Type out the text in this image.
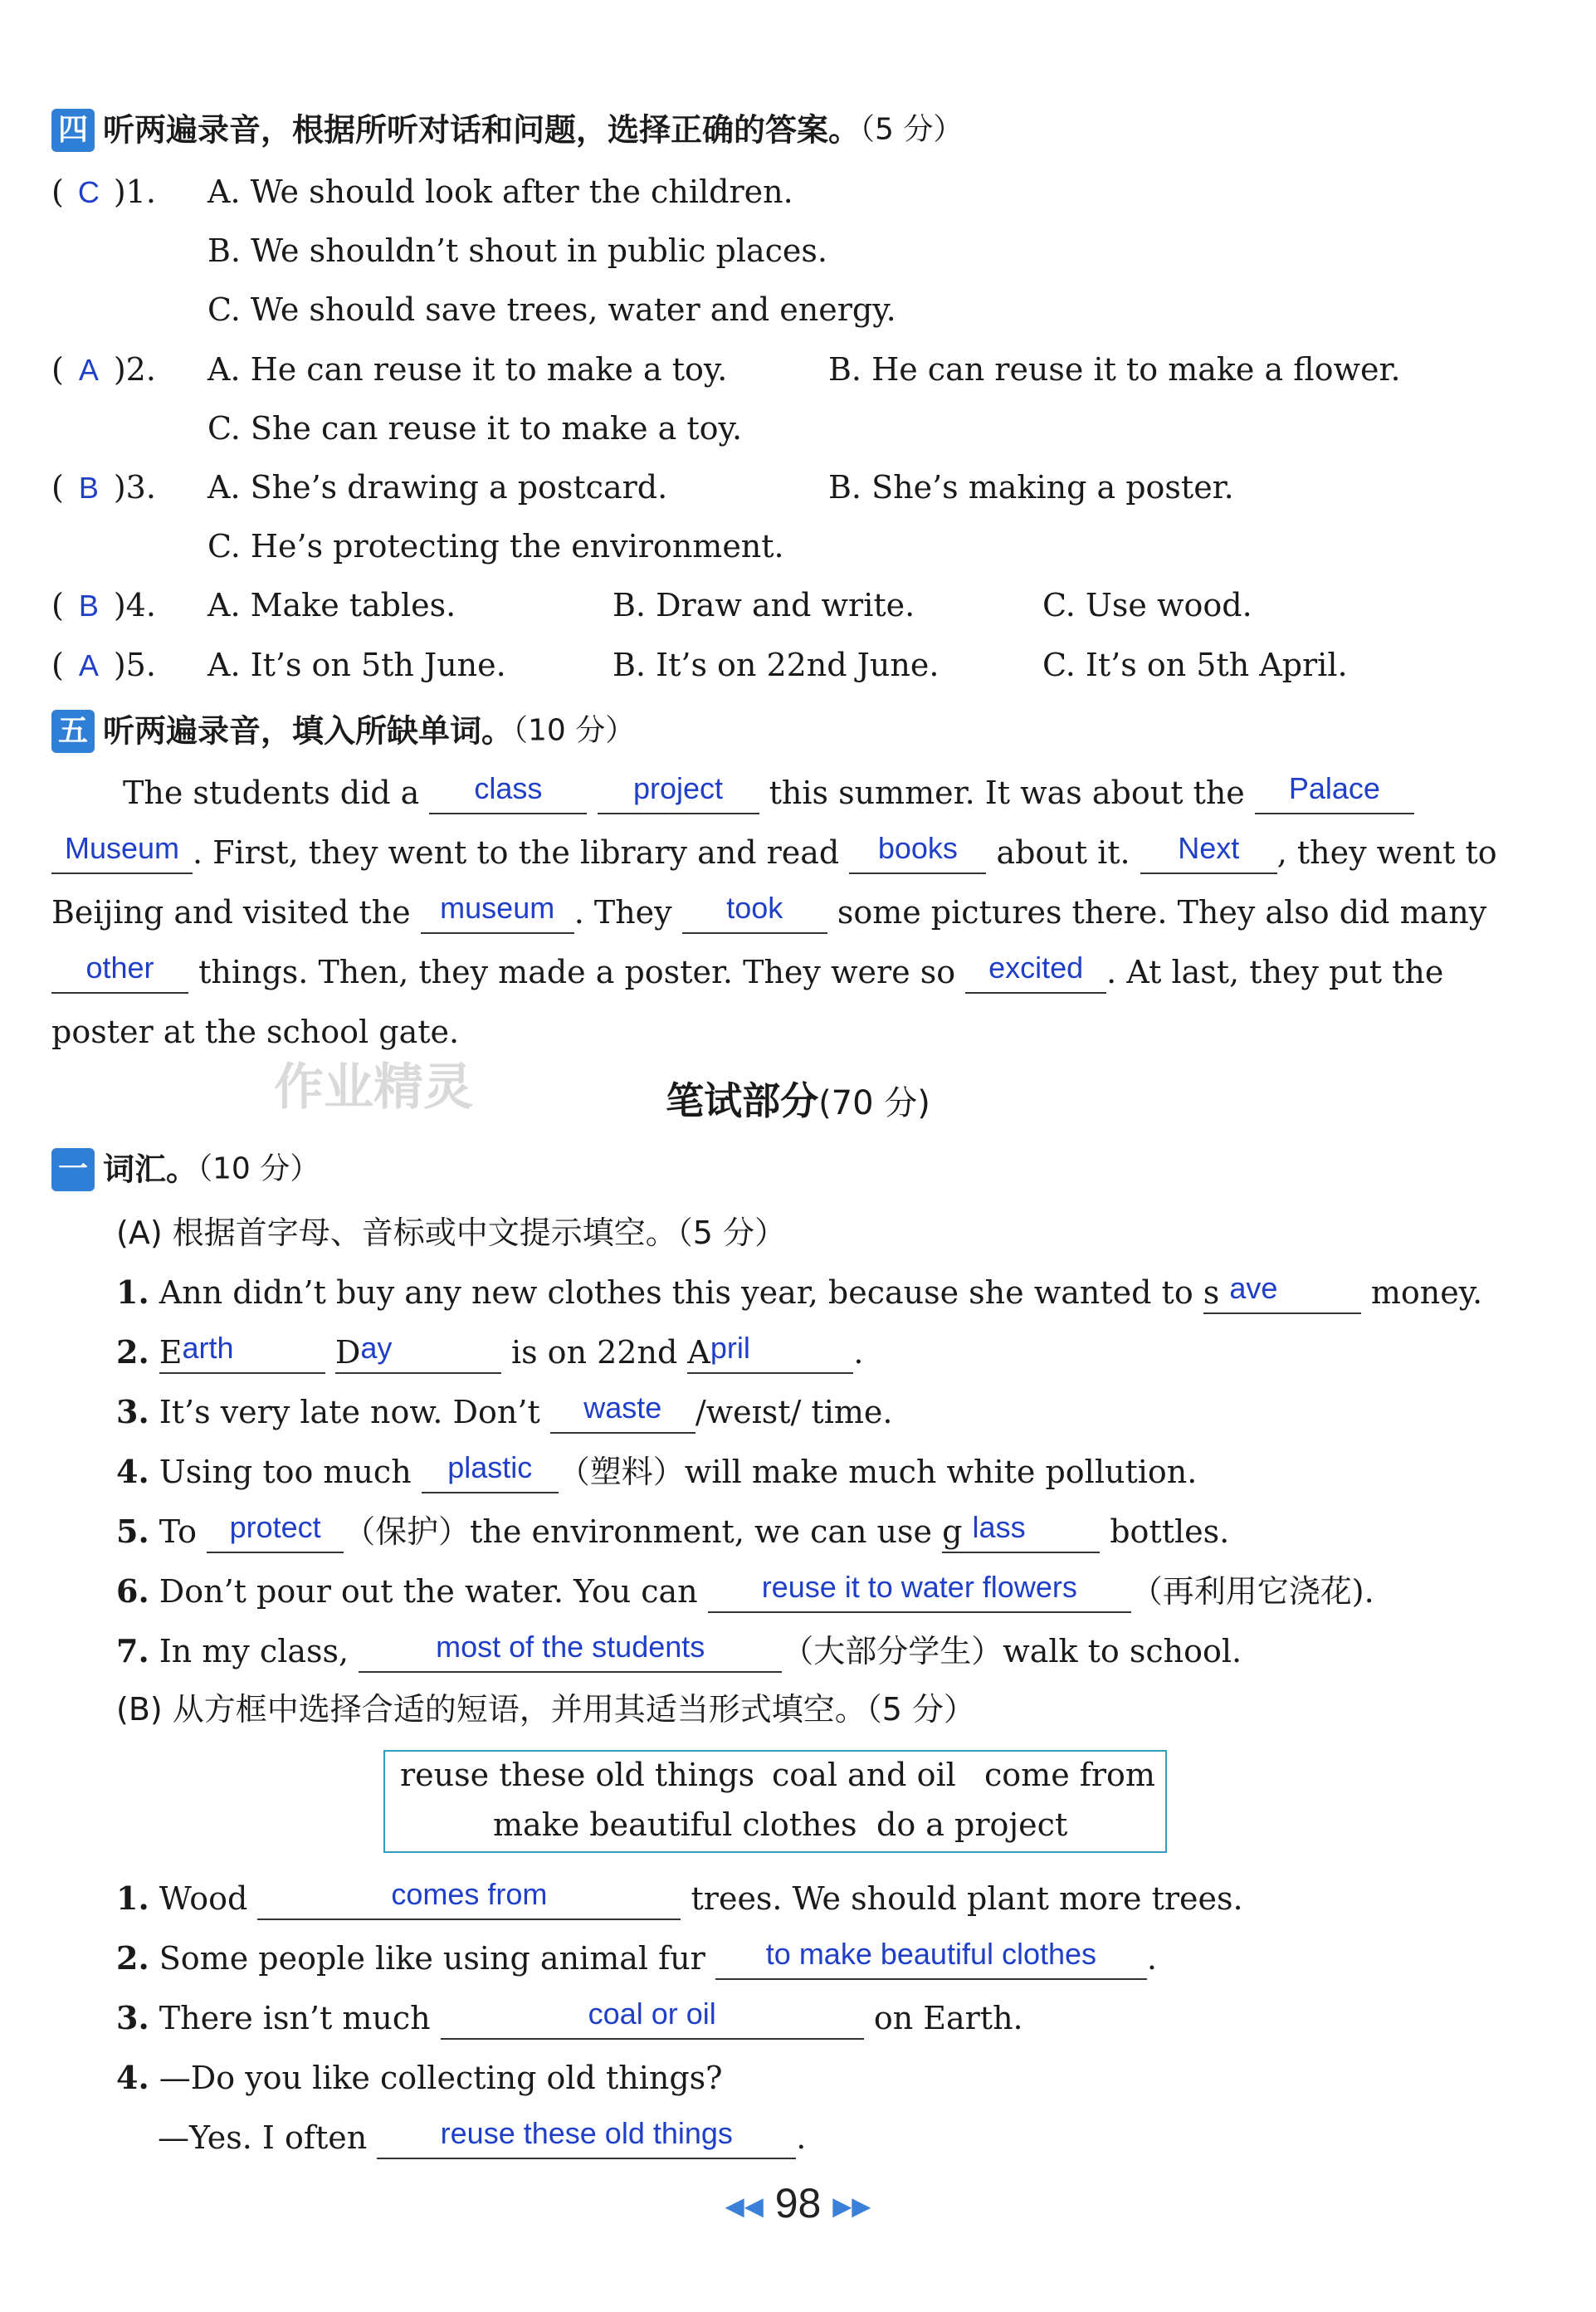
四 听两遍录音，根据所听对话和问题，选择正确的答案。（5 分）
( C )1. A. We should look after the children.
B. We shouldn’t shout in public places.
C. We should save trees, water and energy.
( A )2. A. He can reuse it to make a toy.	B. He can reuse it to make a flower.
C. She can reuse it to make a toy.
( B )3. A. She’s drawing a postcard.	B. She’s making a poster.
C. He’s protecting the environment.
( B )4. A. Make tables.	B. Draw and write.	C. Use wood.
( A )5. A. It’s on 5th June.	B. It’s on 22nd June.	C. It’s on 5th April.
五 听两遍录音，填入所缺单词。（10 分）
The students did a class	project this summer. It was about the Palace
Museum . First, they went to the library and read books about it. Next , they went to
Beijing and visited the museum . They took some pictures there. They also did many
other things. Then, they made a poster. They were so excited . At last, they put the
poster at the school gate.
作业精灵	笔试部分(70 分)
一 词汇。（10 分）
(A) 根据首字母、音标或中文提示填空。（5 分）
1. Ann didn’t buy any new clothes this year, because she wanted to s ave	money.
2. Earth	Day	is on 22nd April	.
3. It’s very late now. Don’t waste /weɪst/ time.
4. Using too much plastic （塑料）will make much white pollution.
5. To protect （保护）the environment, we can use g lass	bottles.
6. Don’t pour out the water. You can reuse it to water flowers （再利用它浇花).
7. In my class,	most of the students （大部分学生）walk to school.
(B) 从方框中选择合适的短语，并用其适当形式填空。（5 分）
reuse these old things coal and oil come from
make beautiful clothes do a project
1. Wood	comes from	trees. We should plant more trees.
2. Some people like using animal fur to make beautiful clothes .
3. There isn’t much	coal or oil	on Earth.
4. —Do you like collecting old things?
—Yes. I often reuse these old things .
◀◀ 98 ▶▶
